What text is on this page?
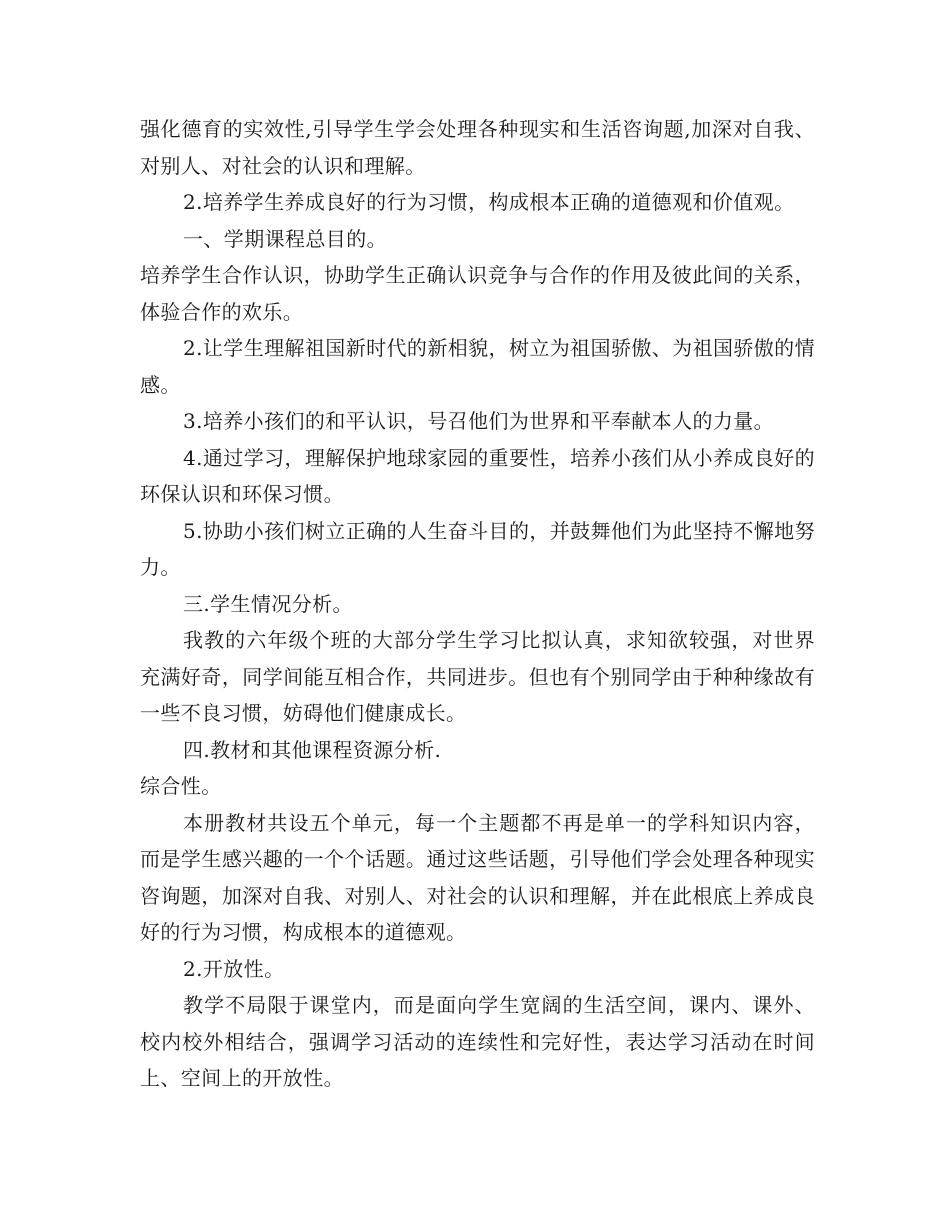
强化德育的实效性,引导学生学会处理各种现实和生活咨询题,加深对自我、对别人、对社会的认识和理解。

2.培养学生养成良好的行为习惯，构成根本正确的道德观和价值观。

一、学期课程总目的。

培养学生合作认识，协助学生正确认识竞争与合作的作用及彼此间的关系，体验合作的欢乐。

2.让学生理解祖国新时代的新相貌，树立为祖国骄傲、为祖国骄傲的情感。

3.培养小孩们的和平认识，号召他们为世界和平奉献本人的力量。

4.通过学习，理解保护地球家园的重要性，培养小孩们从小养成良好的环保认识和环保习惯。

5.协助小孩们树立正确的人生奋斗目的，并鼓舞他们为此坚持不懈地努力。

三.学生情况分析。

我教的六年级个班的大部分学生学习比拟认真，求知欲较强，对世界充满好奇，同学间能互相合作，共同进步。但也有个别同学由于种种缘故有一些不良习惯，妨碍他们健康成长。

四.教材和其他课程资源分析.

综合性。

本册教材共设五个单元，每一个主题都不再是单一的学科知识内容，而是学生感兴趣的一个个话题。通过这些话题，引导他们学会处理各种现实咨询题，加深对自我、对别人、对社会的认识和理解，并在此根底上养成良好的行为习惯，构成根本的道德观。

2.开放性。

教学不局限于课堂内，而是面向学生宽阔的生活空间，课内、课外、校内校外相结合，强调学习活动的连续性和完好性，表达学习活动在时间上、空间上的开放性。
